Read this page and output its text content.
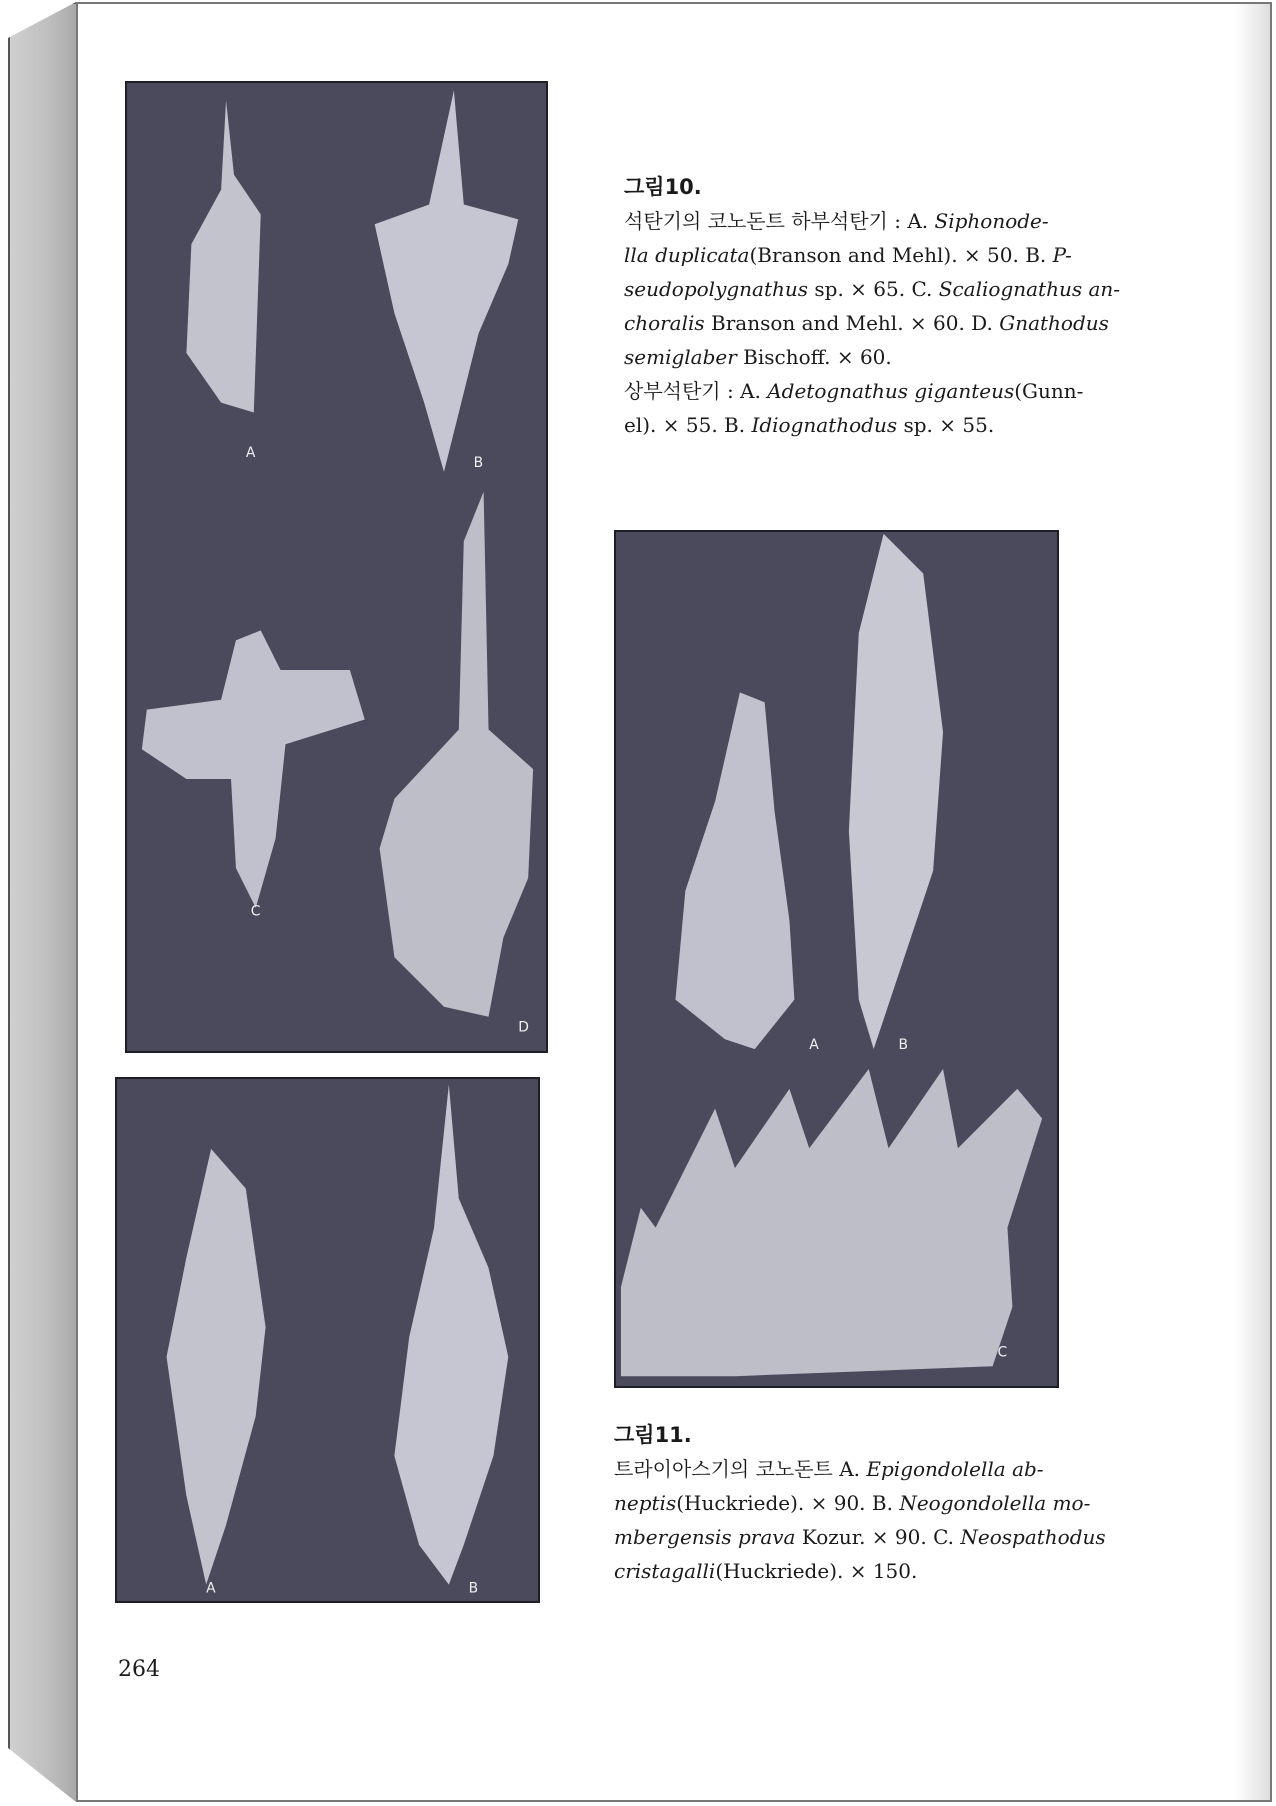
A
B
C
D
A	B
A	B
C
그림10.
석탄기의 코노돈트 하부석탄기 : A. Siphonode-
lla duplicata(Branson and Mehl). × 50. B. P-
seudopolygnathus sp. × 65. C. Scaliognathus an-
choralis Branson and Mehl. × 60. D. Gnathodus
semiglaber Bischoff. × 60.
상부석탄기 : A. Adetognathus giganteus(Gunn-
el). × 55. B. Idiognathodus sp. × 55.
그림11.
트라이아스기의 코노돈트 A. Epigondolella ab-
neptis(Huckriede). × 90. B. Neogondolella mo-
mbergensis prava Kozur. × 90. C. Neospathodus
cristagalli(Huckriede). × 150.
264
